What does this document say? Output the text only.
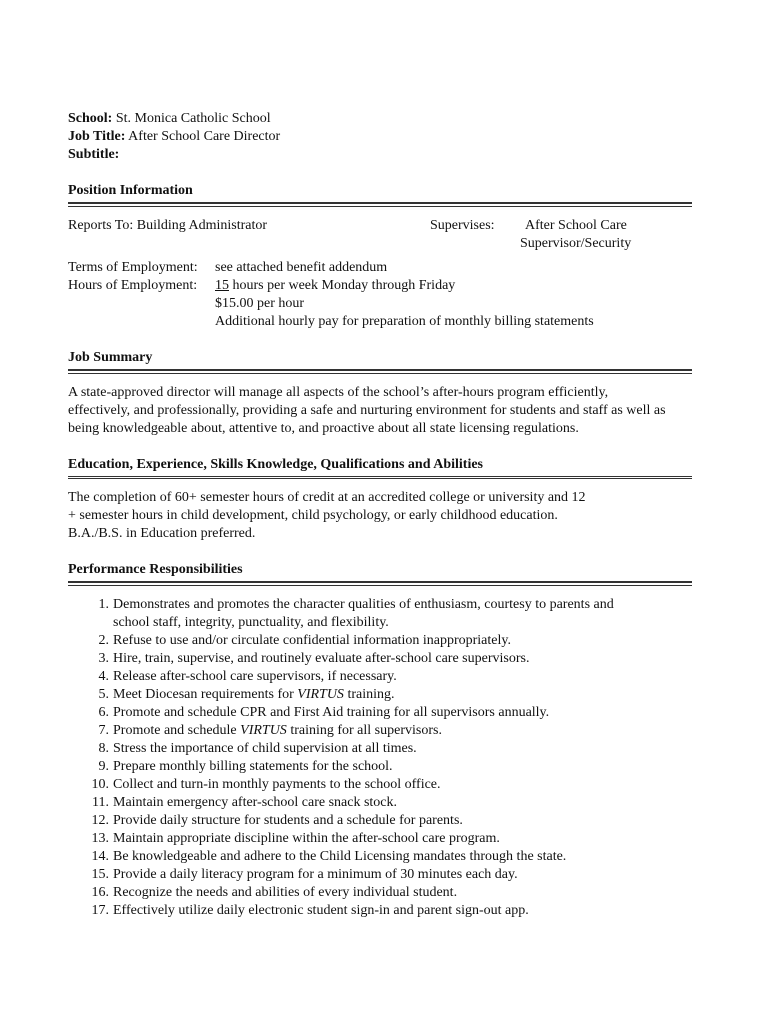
School: St. Monica Catholic School
Job Title: After School Care Director
Subtitle:
Position Information
Reports To: Building Administrator	Supervises:	After School Care
Supervisor/Security
Terms of Employment:	see attached benefit addendum
Hours of Employment:	15 hours per week Monday through Friday
$15.00 per hour
Additional hourly pay for preparation of monthly billing statements
Job Summary
A state-approved director will manage all aspects of the school’s after-hours program efficiently, effectively, and professionally, providing a safe and nurturing environment for students and staff as well as being knowledgeable about, attentive to, and proactive about all state licensing regulations.
Education, Experience, Skills Knowledge, Qualifications and Abilities
The completion of 60+ semester hours of credit at an accredited college or university and 12
+ semester hours in child development, child psychology, or early childhood education.
B.A./B.S. in Education preferred.
Performance Responsibilities
1. Demonstrates and promotes the character qualities of enthusiasm, courtesy to parents and
school staff, integrity, punctuality, and flexibility.
2. Refuse to use and/or circulate confidential information inappropriately.
3. Hire, train, supervise, and routinely evaluate after-school care supervisors.
4. Release after-school care supervisors, if necessary.
5. Meet Diocesan requirements for VIRTUS training.
6. Promote and schedule CPR and First Aid training for all supervisors annually.
7. Promote and schedule VIRTUS training for all supervisors.
8. Stress the importance of child supervision at all times.
9. Prepare monthly billing statements for the school.
10. Collect and turn-in monthly payments to the school office.
11. Maintain emergency after-school care snack stock.
12. Provide daily structure for students and a schedule for parents.
13. Maintain appropriate discipline within the after-school care program.
14. Be knowledgeable and adhere to the Child Licensing mandates through the state.
15. Provide a daily literacy program for a minimum of 30 minutes each day.
16. Recognize the needs and abilities of every individual student.
17. Effectively utilize daily electronic student sign-in and parent sign-out app.
